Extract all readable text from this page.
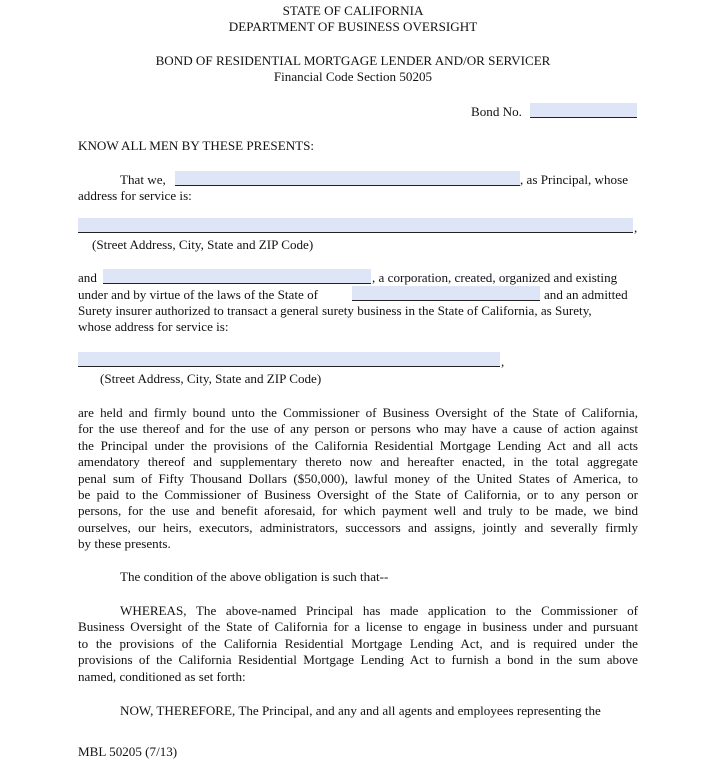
STATE OF CALIFORNIA
DEPARTMENT OF BUSINESS OVERSIGHT
BOND OF RESIDENTIAL MORTGAGE LENDER AND/OR SERVICER
Financial Code Section 50205
Bond No.
KNOW ALL MEN BY THESE PRESENTS:
That we,	, as Principal, whose
address for service is:
,
(Street Address, City, State and ZIP Code)
and	, a corporation, created, organized and existing
under and by virtue of the laws of the State of	and an admitted
Surety insurer authorized to transact a general surety business in the State of California, as Surety,
whose address for service is:
,
(Street Address, City, State and ZIP Code)
are held and firmly bound unto the Commissioner of Business Oversight of the State of California,
for the use thereof and for the use of any person or persons who may have a cause of action against
the Principal under the provisions of the California Residential Mortgage Lending Act and all acts
amendatory thereof and supplementary thereto now and hereafter enacted, in the total aggregate
penal sum of Fifty Thousand Dollars ($50,000), lawful money of the United States of America, to
be paid to the Commissioner of Business Oversight of the State of California, or to any person or
persons, for the use and benefit aforesaid, for which payment well and truly to be made, we bind
ourselves, our heirs, executors, administrators, successors and assigns, jointly and severally firmly
by these presents.
The condition of the above obligation is such that--
WHEREAS, The above-named Principal has made application to the Commissioner of
Business Oversight of the State of California for a license to engage in business under and pursuant
to the provisions of the California Residential Mortgage Lending Act, and is required under the
provisions of the California Residential Mortgage Lending Act to furnish a bond in the sum above
named, conditioned as set forth:
NOW, THEREFORE, The Principal, and any and all agents and employees representing the
MBL 50205 (7/13)
